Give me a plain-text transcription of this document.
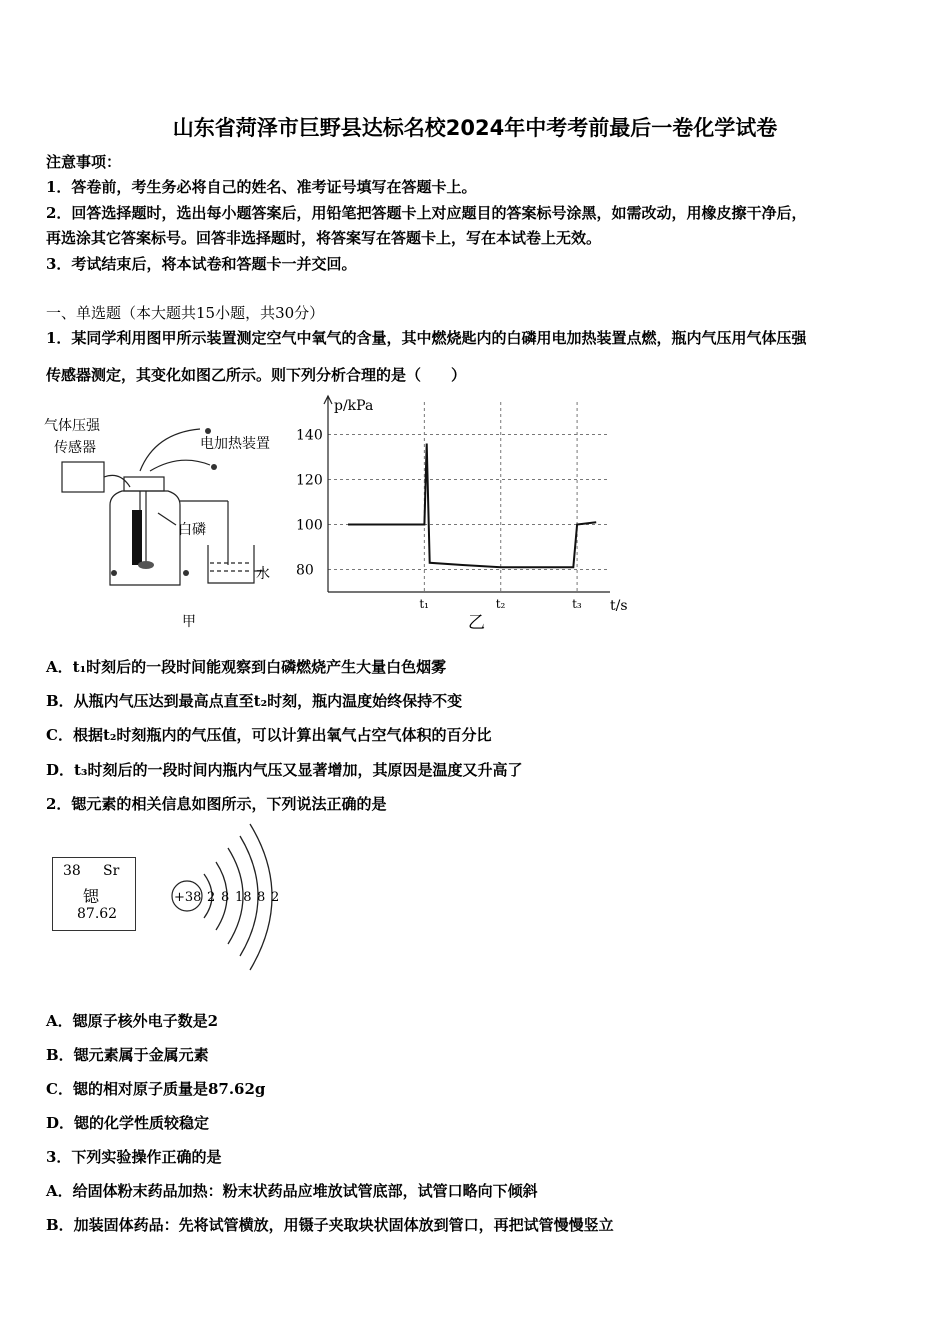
山东省菏泽市巨野县达标名校2024年中考考前最后一卷化学试卷
注意事项：
1．答卷前，考生务必将自己的姓名、准考证号填写在答题卡上。
2．回答选择题时，选出每小题答案后，用铅笔把答题卡上对应题目的答案标号涂黑，如需改动，用橡皮擦干净后，
再选涂其它答案标号。回答非选择题时，将答案写在答题卡上，写在本试卷上无效。
3．考试结束后，将本试卷和答题卡一并交回。
一、单选题（本大题共15小题，共30分）
1．某同学利用图甲所示装置测定空气中氧气的含量，其中燃烧匙内的白磷用电加热装置点燃，瓶内气压用气体压强
传感器测定，其变化如图乙所示。则下列分析合理的是（　　）
气体压强
传感器	电加热装置
白磷
水
甲
80
100
120
140
t₁	t₂	t₃
p/kPa
t/s
乙
A．t₁时刻后的一段时间能观察到白磷燃烧产生大量白色烟雾
B．从瓶内气压达到最高点直至t₂时刻，瓶内温度始终保持不变
C．根据t₂时刻瓶内的气压值，可以计算出氧气占空气体积的百分比
D．t₃时刻后的一段时间内瓶内气压又显著增加，其原因是温度又升高了
2．锶元素的相关信息如图所示，下列说法正确的是
38 Sr
锶
87.62
+38 2 8 18 8 2
A．锶原子核外电子数是2
B．锶元素属于金属元素
C．锶的相对原子质量是87.62g
D．锶的化学性质较稳定
3．下列实验操作正确的是
A．给固体粉末药品加热：粉末状药品应堆放试管底部，试管口略向下倾斜
B．加装固体药品：先将试管横放，用镊子夹取块状固体放到管口，再把试管慢慢竖立
